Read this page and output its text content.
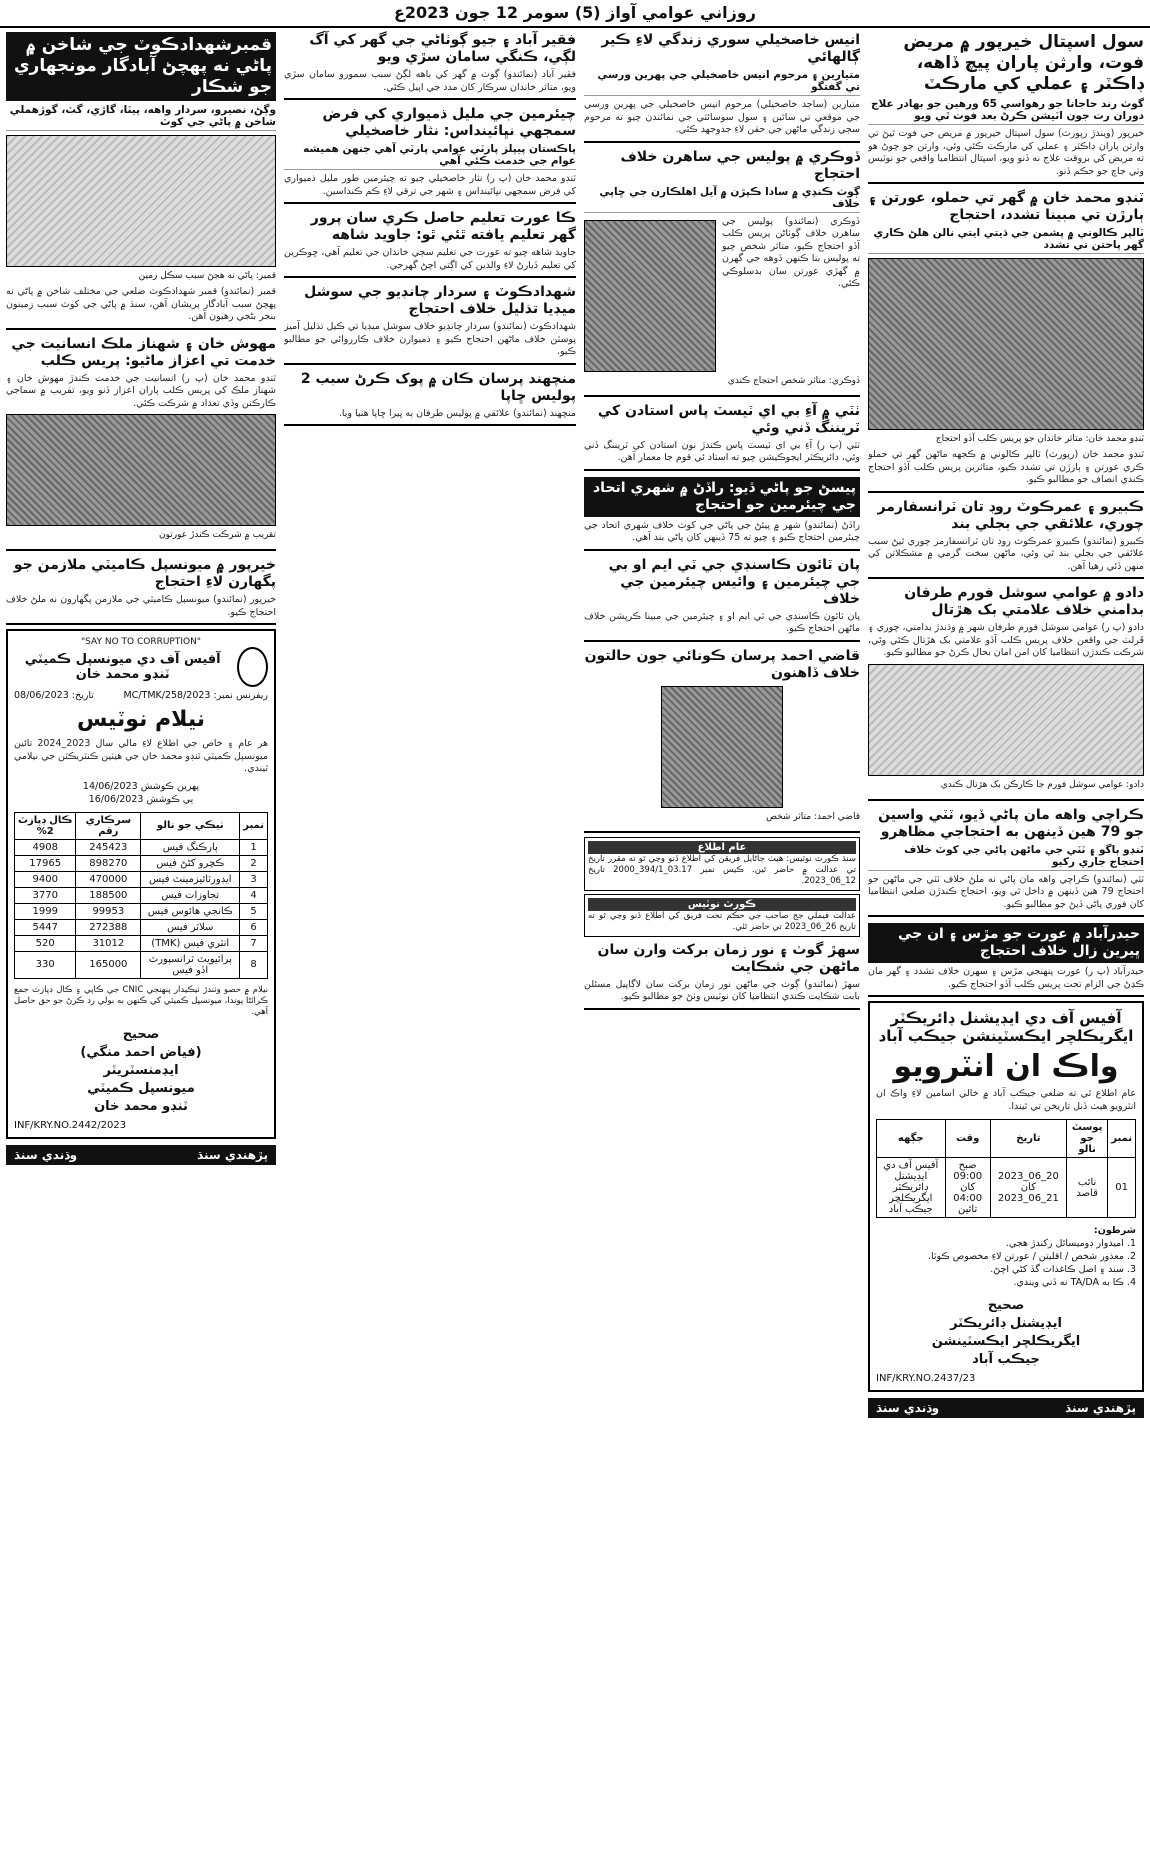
روزاني عوامي آواز (5) سومر 12 جون 2023ع
سول اسپتال خيرپور ۾ مريض فوت، وارثن پاران پيچ ڏاهه، ڊاڪٽر ۽ عملي کي مارڪٽ
گوٺ رند حاجانا جو رهواسي 65 ورهين جو بهادر علاج دوران رت جون اٽيشن ڪرڻ بعد فوت ٿي ويو
خيرپور (ويندڙ رپورٽ) سول اسپتال خيرپور ۾ مريض جي فوت ٿيڻ تي وارثن پاران ڊاڪٽر ۽ عملي کي مارڪٽ ڪئي وئي، وارثن جو چوڻ هو ته مريض کي بروقت علاج نه ڏنو ويو، اسپتال انتظاميا واقعي جو نوٽيس وٺي جاچ جو حڪم ڏنو.
ٽنڊو محمد خان ۾ گهر تي حملو، عورتن ۽ ٻارڙن تي مبينا تشدد، احتجاج
ٽالپر ڪالوني ۾ پشمن جي ڌيتي ايتي نالن هلڻ ڪاري گهر پاحتن تي تشدد
ٽنڊو محمد خان: متاثر خاندان جو پريس ڪلب آڏو احتجاج
ٽنڊو محمد خان (رپورٽ) ٽالپر ڪالوني ۾ ڪجهه ماڻهن گهر تي حملو ڪري عورتن ۽ ٻارڙن تي تشدد ڪيو، متاثرين پريس ڪلب آڏو احتجاج ڪندي انصاف جو مطالبو ڪيو.
ڪبيرو ۽ عمرڪوٽ روڊ تان ٽرانسفارمر چوري، علائقي جي بجلي بند
ڪبيرو (نمائندو) ڪبيرو عمرڪوٽ روڊ تان ٽرانسفارمر چوري ٿيڻ سبب علائقي جي بجلي بند ٿي وئي، ماڻهن سخت گرمي ۾ مشڪلاتن کي منهن ڏئي رهيا آهن.
دادو ۾ عوامي سوشل فورم طرفان بدامني خلاف علامتي بک هڙتال
دادو (پ ر) عوامي سوشل فورم طرفان شهر ۾ وڌندڙ بدامني، چوري ۽ ڦرلٽ جي واقعن خلاف پريس ڪلب آڏو علامتي بک هڙتال ڪئي وئي، شرڪت ڪندڙن انتظاميا کان امن امان بحال ڪرڻ جو مطالبو ڪيو.
دادو: عوامي سوشل فورم جا ڪارڪن بک هڙتال ڪندي
ڪراچي واهه مان پاڻي ڏيو، ٽٽي واسين جو 79 هين ڏينهن به احتجاجي مظاهرو
ٽنڊو ٻاگو ۽ ٽٽي جي ماڻهن پاڻي جي کوٽ خلاف احتجاج جاري رکيو
ٽٽي (نمائندو) ڪراچي واهه مان پاڻي نه ملڻ خلاف ٽٽي جي ماڻهن جو احتجاج 79 هين ڏينهن ۾ داخل ٿي ويو، احتجاج ڪندڙن ضلعي انتظاميا کان فوري پاڻي ڏيڻ جو مطالبو ڪيو.
حيدرآباد ۾ عورت جو مڙس ۽ ان جي ڀيرين زال خلاف احتجاج
حيدرآباد (پ ر) عورت پنهنجي مڙس ۽ سهرن خلاف تشدد ۽ گهر مان ڪڍڻ جي الزام تحت پريس ڪلب آڏو احتجاج ڪيو.
آفيس آف دي ايڊيشنل ڊائريڪٽر ايگريڪلچر ايڪسٽينشن جيڪب آباد
واڪ ان انٽرويو
عام اطلاع ٿي ته ضلعي جيڪب آباد ۾ خالي اسامين لاءِ واڪ ان انٽرويو هيٺ ڏنل تاريخن تي ٿيندا.
نمبر	پوسٽ جو نالو	تاريخ	وقت	جڳهه
01	نائب قاصد	20_06_2023 کان 21_06_2023	صبح 09:00 کان 04:00 تائين	آفيس آف دي ايڊيشنل ڊائريڪٽر ايگريڪلچر جيڪب آباد
شرطون:
1. اميدوار ڊوميسائل رکندڙ هجي.
2. معذور شخص / اقليتن / عورتن لاءِ مخصوص ڪوٽا.
3. سند ۽ اصل ڪاغذات گڏ کڻي اچڻ.
4. ڪا به TA/DA نه ڏني ويندي.
صحيح
ايڊيشنل ڊائريڪٽر
ايگريڪلچر ايڪسٽينشن
جيڪب آباد
INF/KRY.NO.2437/23
پڙهندي سنڌ
وڌندي سنڌ
انيس خاصخيلي سوري زندگي لاءِ ڪير ڳالهائي
متيارين ۽ مرحوم انيس خاصخيلي جي پهرين ورسي تي گفتگو
متيارين (ساجد خاصخيلي) مرحوم انيس خاصخيلي جي پهرين ورسي جي موقعي تي ساٿين ۽ سول سوسائٽي جي نمائندن چيو ته مرحوم سڄي زندگي ماڻهن جي حقن لاءِ جدوجهد ڪئي.
ڏوڪري ۾ پوليس جي ساهرن خلاف احتجاج
ڳوٺ ڪنڍي ۾ سادا ڪپڙن ۾ آيل اهلڪارن جي ڇاپي خلاف
ڏوڪري (نمائندو) پوليس جي ساهرن خلاف ڳوٺاڻن پريس ڪلب آڏو احتجاج ڪيو، متاثر شخص چيو ته پوليس بنا ڪنهن ڏوهه جي گهرن ۾ گهڙي عورتن سان بدسلوڪي ڪئي.
ڏوڪري: متاثر شخص احتجاج ڪندي
ٺٽي ۾ آءِ بي اي ٽيسٽ پاس استادن کي ٽريننگ ڏني وئي
ٺٽي (پ ر) آءِ بي اي ٽيسٽ پاس ڪندڙ نون استادن کي ٽريننگ ڏني وئي، ڊائريڪٽر ايجوڪيشن چيو ته استاد ئي قوم جا معمار آهن.
پيسڻ جو پاڻي ڏيو: راڏڻ ۾ شهري اتحاد جي چيئرمين جو احتجاج
راڏڻ (نمائندو) شهر ۾ پيئڻ جي پاڻي جي کوٽ خلاف شهري اتحاد جي چيئرمين احتجاج ڪيو ۽ چيو ته 75 ڏينهن کان پاڻي بند آهي.
پان ٽائون ڪاسنڊي جي ٽي ايم او بي جي چيئرمين ۽ وائيس چيئرمين جي خلاف
پان ٽائون ڪاسنڊي جي ٽي ايم او ۽ چيئرمين جي مبينا ڪرپشن خلاف ماڻهن احتجاج ڪيو.
قاضي احمد پرسان ڪونائي جون حالتون خلاف ڏاهنون
قاضي احمد: متاثر شخص
عام اطلاع
سنڌ ڪورٽ نوٽيس: هيٺ ڄاڻايل فريقن کي اطلاع ڏنو وڃي ٿو ته مقرر تاريخ تي عدالت ۾ حاضر ٿين. ڪيس نمبر 03.17_394/1_2000 تاريخ 12_06_2023.
ڪورٽ نوٽيس
عدالت فيملي جج صاحب جي حڪم تحت فريق کي اطلاع ڏنو وڃي ٿو ته تاريخ 26_06_2023 تي حاضر ٿئي.
سهڙ گوٺ ۽ نور زمان بركت وارن سان ماڻهن جي شڪايت
سهڙ (نمائندو) ڳوٺ جي ماڻهن نور زمان بركت سان لاڳاپيل مسئلن بابت شڪايت ڪندي انتظاميا کان نوٽيس وٺڻ جو مطالبو ڪيو.
فقير آباد ۽ جيو ڳوٺاڻي جي گهر کي آگ لڳي، ڪنگي سامان سڙي ويو
فقير آباد (نمائندو) ڳوٺ ۾ گهر کي باهه لڳڻ سبب سمورو سامان سڙي ويو، متاثر خاندان سرڪار کان مدد جي اپيل ڪئي.
چيئرمين جي مليل ذميواري کي فرض سمجهي نڀائينداس: نثار خاصخيلي
پاڪستان پيپلز پارٽي عوامي پارٽي آهي جنهن هميشه عوام جي خدمت ڪئي آهي
ٽنڊو محمد خان (پ ر) نثار خاصخيلي چيو ته چيئرمين طور مليل ذميواري کي فرض سمجهي نڀائينداس ۽ شهر جي ترقي لاءِ ڪم ڪنداسين.
ڪا عورت تعليم حاصل ڪري سان پرور گهر تعليم يافته ٿئي ٿو: جاويد شاهه
جاويد شاهه چيو ته عورت جي تعليم سڄي خاندان جي تعليم آهي، ڇوڪرين کي تعليم ڏيارڻ لاءِ والدين کي اڳتي اچڻ گهرجي.
شهدادڪوٽ ۽ سردار چانڊيو جي سوشل ميڊيا تذليل خلاف احتجاج
شهدادڪوٽ (نمائندو) سردار چانڊيو خلاف سوشل ميڊيا تي ڪيل تذليل آميز پوسٽن خلاف ماڻهن احتجاج ڪيو ۽ ذميوارن خلاف ڪارروائي جو مطالبو ڪيو.
منچهند پرسان ڪان ۾ پوک ڪرڻ سبب 2 پوليس ڇاپا
منچهند (نمائندو) علائقي ۾ پوليس طرفان ٻه ڀيرا ڇاپا هنيا ويا.
قمبرشهدادڪوٽ جي شاخن ۾ پاڻي نه پهچڻ آبادگار مونجهاري جو شڪار
وڳڻ، نصيرو، سردار واهه، پيٽا، گاڙي، گٽ، گوڙهملي شاخن ۾ پاڻي جي کوٽ
قمبر: پاڻي نه هجڻ سبب سڪل زمين
قمبر (نمائندو) قمبر شهدادڪوٽ ضلعي جي مختلف شاخن ۾ پاڻي نه پهچڻ سبب آبادگار پريشان آهن، سنڌ ۾ پاڻي جي کوٽ سبب زمينون بنجر بڻجي رهيون آهن.
مهوش خان ۽ شهناز ملڪ انسانيت جي خدمت تي اعزاز ماڻيو: پريس ڪلب
ٽنڊو محمد خان (پ ر) انسانيت جي خدمت ڪندڙ مهوش خان ۽ شهناز ملڪ کي پريس ڪلب پاران اعزاز ڏنو ويو، تقريب ۾ سماجي ڪارڪنن وڏي تعداد ۾ شرڪت ڪئي.
تقريب ۾ شرڪت ڪندڙ عورتون
خيرپور ۾ ميونسپل ڪاميٽي ملازمن جو پگهارن لاءِ احتجاج
خيرپور (نمائندو) ميونسپل ڪاميٽي جي ملازمن پگهارون نه ملڻ خلاف احتجاج ڪيو.
"SAY NO TO CORRUPTION"
آفيس آف دي ميونسپل ڪميٽي ٽنڊو محمد خان
ريفرنس نمبر: MC/TMK/258/2023
تاريخ: 08/06/2023
نيلام نوٽيس
هر عام ۽ خاص جي اطلاع لاءِ مالي سال 2023_2024 تائين ميونسپل ڪميٽي ٽنڊو محمد خان جي هيٺين ڪنٽريڪٽن جي نيلامي ٿيندي.
پهرين ڪوشش 14/06/2023
ٻي ڪوشش 16/06/2023
نمبر	ٺيڪي جو نالو	سرڪاري رقم	ڪال ڊپازٽ 2%
1	پارڪنگ فيس	245423	4908
2	ڪچرو کڻڻ فيس	898270	17965
3	ايڊورٽائيزمينٽ فيس	470000	9400
4	تجاوزات فيس	188500	3770
5	ڪانجي هائوس فيس	99953	1999
6	سلاٽر فيس	272388	5447
7	انٽري فيس (TMK)	31012	520
8	پرائيويٽ ٽرانسپورٽ اڏو فيس	165000	330
نيلام ۾ حصو وٺندڙ ٺيڪيدار پنهنجي CNIC جي ڪاپي ۽ ڪال ڊپازٽ جمع ڪرائڻا پوندا، ميونسپل ڪميٽي کي ڪنهن به بولي رد ڪرڻ جو حق حاصل آهي.
صحيح
(فياض احمد منگي)
ايڊمنسٽريٽر
ميونسپل ڪميٽي
ٽنڊو محمد خان
INF/KRY.NO.2442/2023
پڙهندي سنڌ
وڌندي سنڌ
